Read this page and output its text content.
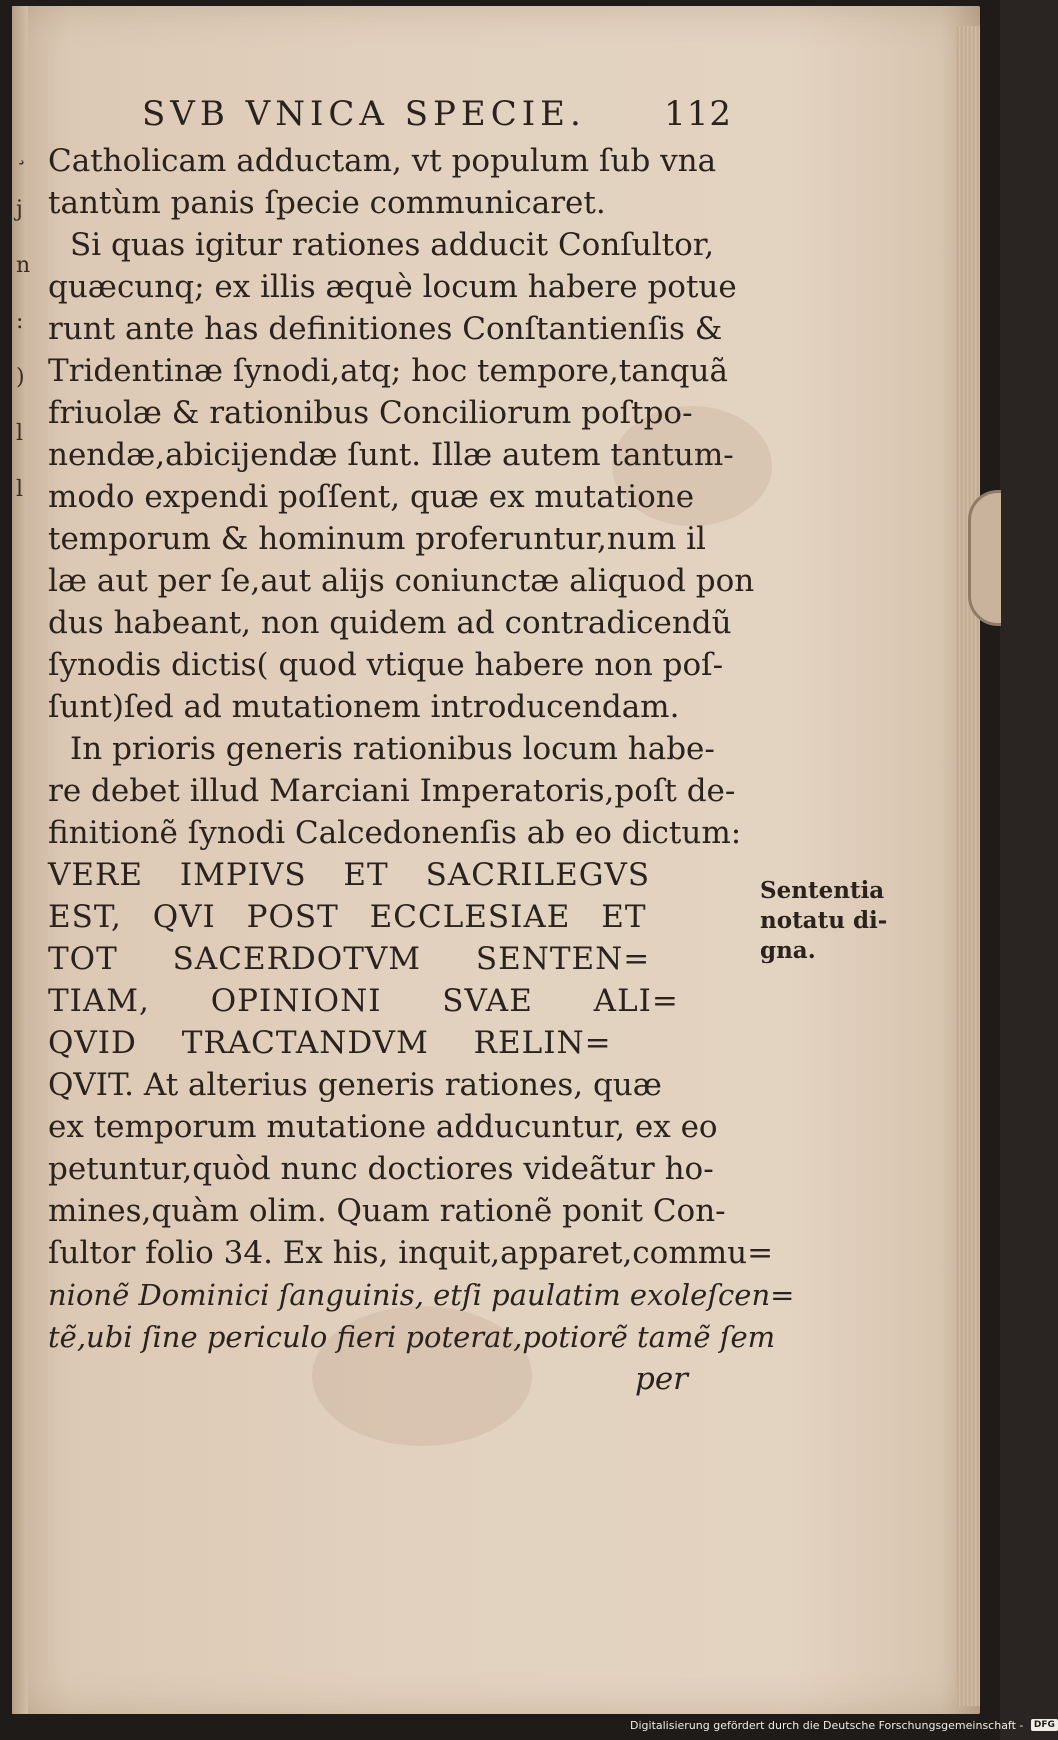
¸
j
n
:
)
l
l
SVB VNICA SPECIE. 112
Catholicam adductam, vt populum ſub vna
tantùm panis ſpecie communicaret.
Si quas igitur rationes adducit Conſultor,
quæcunq; ex illis æquè locum habere potue
runt ante has definitiones Conſtantienſis &
Tridentinæ ſynodi,atq; hoc tempore,tanquã
friuolæ & rationibus Conciliorum poſtpo-
nendæ,abicijendæ ſunt. Illæ autem tantum-
modo expendi poſſent, quæ ex mutatione
temporum & hominum proferuntur,num il
læ aut per ſe,aut alijs coniunctæ aliquod pon
dus habeant, non quidem ad contradicendũ
ſynodis dictis( quod vtique habere non poſ-
ſunt)ſed ad mutationem introducendam.
In prioris generis rationibus locum habe-
re debet illud Marciani Imperatoris,poſt de-
finitionẽ ſynodi Calcedonenſis ab eo dictum:
VERE IMPIVS ET SACRILEGVS
EST, QVI POST ECCLESIAE ET
TOT SACERDOTVM SENTEN=
TIAM, OPINIONI SVAE ALI=
QVID TRACTANDVM RELIN=
QVIT. At alterius generis rationes, quæ
ex temporum mutatione adducuntur, ex eo
petuntur,quòd nunc doctiores videãtur ho-
mines,quàm olim. Quam rationẽ ponit Con-
ſultor folio 34. Ex his, inquit,apparet,commu=
nionẽ Dominici ſanguinis, etſi paulatim exoleſcen=
tẽ,ubi ſine periculo fieri poterat,potiorẽ tamẽ ſem
per
Sententia
notatu di-
gna.
Digitalisierung gefördert durch die Deutsche Forschungsgemeinschaft - DFG
